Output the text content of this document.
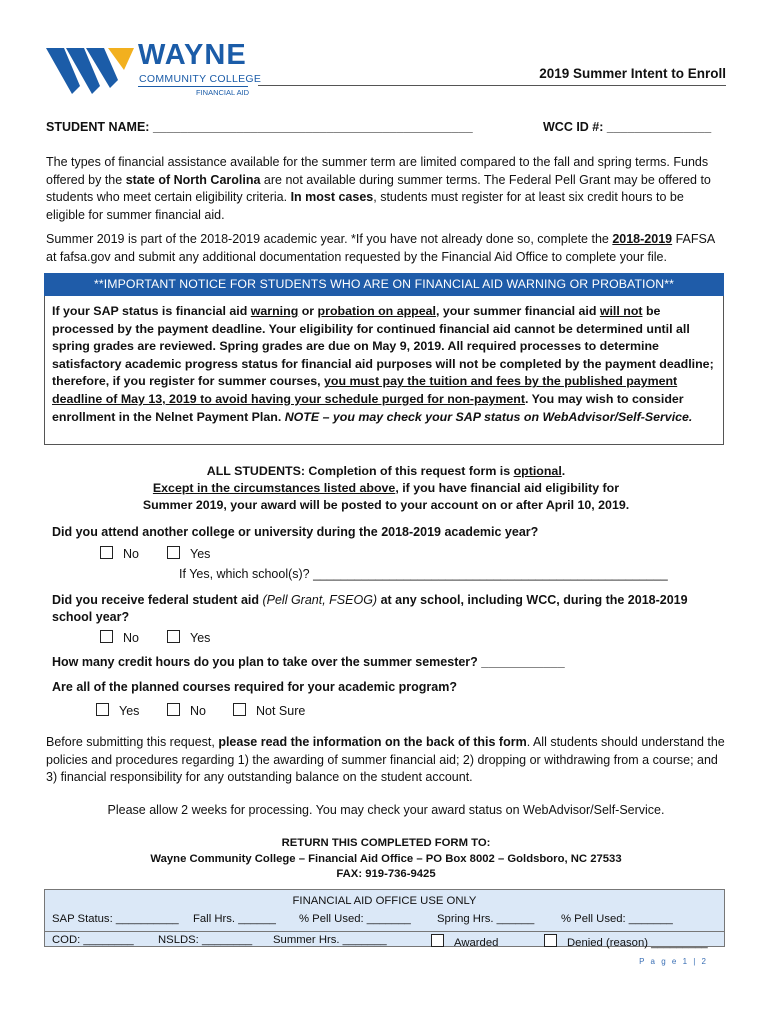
WAYNE
COMMUNITY COLLEGE
FINANCIAL AID
2019 Summer Intent to Enroll
STUDENT NAME: ______________________________________________	WCC ID #: _______________
The types of financial assistance available for the summer term are limited compared to the fall and spring terms. Funds offered by the state of North Carolina are not available during summer terms. The Federal Pell Grant may be offered to students who meet certain eligibility criteria. In most cases, students must register for at least six credit hours to be eligible for summer financial aid.
Summer 2019 is part of the 2018-2019 academic year. *If you have not already done so, complete the 2018-2019 FAFSA at fafsa.gov and submit any additional documentation requested by the Financial Aid Office to complete your file.
**IMPORTANT NOTICE FOR STUDENTS WHO ARE ON FINANCIAL AID WARNING OR PROBATION**
If your SAP status is financial aid warning or probation on appeal, your summer financial aid will not be processed by the payment deadline. Your eligibility for continued financial aid cannot be determined until all spring grades are reviewed. Spring grades are due on May 9, 2019. All required processes to determine satisfactory academic progress status for financial aid purposes will not be completed by the payment deadline; therefore, if you register for summer courses, you must pay the tuition and fees by the published payment deadline of May 13, 2019 to avoid having your schedule purged for non-payment. You may wish to consider enrollment in the Nelnet Payment Plan. NOTE – you may check your SAP status on WebAdvisor/Self-Service.
ALL STUDENTS: Completion of this request form is optional.
Except in the circumstances listed above, if you have financial aid eligibility for
Summer 2019, your award will be posted to your account on or after April 10, 2019.
Did you attend another college or university during the 2018-2019 academic year?
No	Yes
If Yes, which school(s)? ___________________________________________________
Did you receive federal student aid (Pell Grant, FSEOG) at any school, including WCC, during the 2018-2019 school year?
No	Yes
How many credit hours do you plan to take over the summer semester? ____________
Are all of the planned courses required for your academic program?
Yes	No	Not Sure
Before submitting this request, please read the information on the back of this form. All students should understand the policies and procedures regarding 1) the awarding of summer financial aid; 2) dropping or withdrawing from a course; and 3) financial responsibility for any outstanding balance on the student account.
Please allow 2 weeks for processing. You may check your award status on WebAdvisor/Self-Service.
RETURN THIS COMPLETED FORM TO:
Wayne Community College – Financial Aid Office – PO Box 8002 – Goldsboro, NC 27533
FAX: 919-736-9425
FINANCIAL AID OFFICE USE ONLY
SAP Status: __________ Fall Hrs. ______ % Pell Used: _______ Spring Hrs. ______ % Pell Used: _______
COD: ________ NSLDS: ________ Summer Hrs. _______	Awarded	Denied (reason) _________
P a g e 1 | 2
